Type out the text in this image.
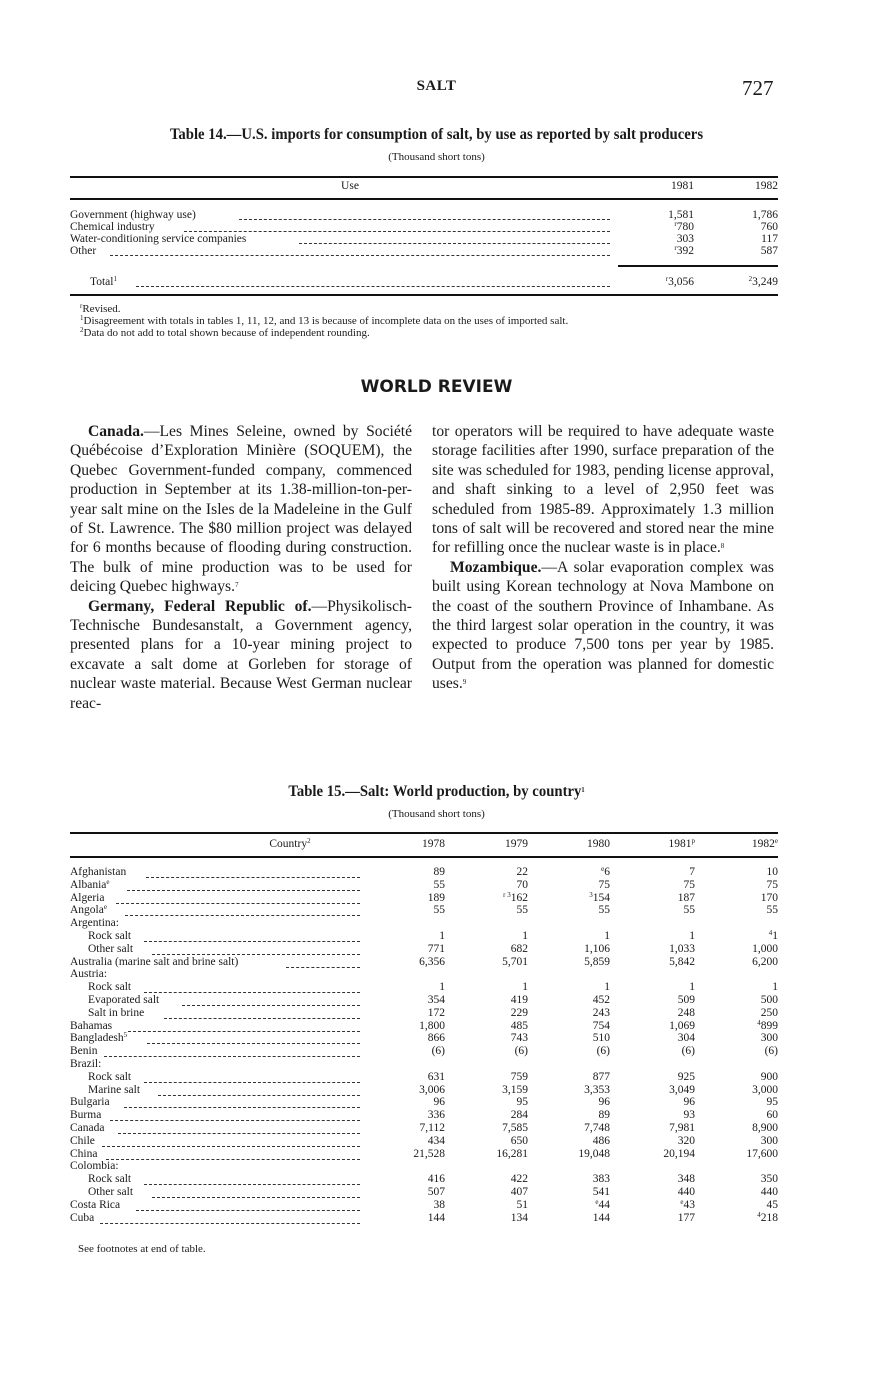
SALT	727
Table 14.—U.S. imports for consumption of salt, by use as reported by salt producers
(Thousand short tons)
Use	1981	1982
Government (highway use)	1,581	1,786
Chemical industry	$^r$780	760
Water-conditioning service companies	303	117
Other	$^r$392	587
Total$^1$	$^r$3,056	$^2$3,249
$^r$Revised.
$^1$Disagreement with totals in tables 1, 11, 12, and 13 is because of incomplete data on the uses of imported salt.
$^2$Data do not add to total shown because of independent rounding.
WORLD REVIEW

Canada.—Les Mines Seleine, owned by Société Québécoise d’Exploration Minière (SOQUEM), the Quebec Government-funded company, commenced production in September at its 1.38-million-ton-per-year salt mine on the Isles de la Madeleine in the Gulf of St. Lawrence. The $80 million project was delayed for 6 months because of flooding during construction. The bulk of mine production was to be used for deicing Quebec highways.$^7$

Germany, Federal Republic of.—Physikolisch-Technische Bundesanstalt, a Government agency, presented plans for a 10-year mining project to excavate a salt dome at Gorleben for storage of nuclear waste material. Because West German nuclear reac-

tor operators will be required to have adequate waste storage facilities after 1990, surface preparation of the site was scheduled for 1983, pending license approval, and shaft sinking to a level of 2,950 feet was scheduled from 1985-89. Approximately 1.3 million tons of salt will be recovered and stored near the mine for refilling once the nuclear waste is in place.$^8$

Mozambique.—A solar evaporation complex was built using Korean technology at Nova Mambone on the coast of the southern Province of Inhambane. As the third largest solar operation in the country, it was expected to produce 7,500 tons per year by 1985. Output from the operation was planned for domestic uses.$^9$

Table 15.—Salt: World production, by country$^1$
(Thousand short tons)
Country$^2$	1978	1979	1980	1981$^p$	1982e
Afghanistan	89	22	$^e$6	7	10
Albania$^e$	55	70	75	75	75
Algeria	189	$^{r 3}$162	$^3$154	187	170
Angola$^e$	55	55	55	55	55
Argentina:
Rock salt	1	1	1	1	$^4$1
Other salt	771	682	1,106	1,033	1,000
Australia (marine salt and brine salt)	6,356	5,701	5,859	5,842	6,200
Austria:
Rock salt	1	1	1	1	1
Evaporated salt	354	419	452	509	500
Salt in brine	172	229	243	248	250
Bahamas	1,800	485	754	1,069	$^4$899
Bangladesh$^5$	866	743	510	304	300
Benin	(6)	(6)	(6)	(6)	(6)
Brazil:
Rock salt	631	759	877	925	900
Marine salt	3,006	3,159	3,353	3,049	3,000
Bulgaria	96	95	96	96	95
Burma	336	284	89	93	60
Canada	7,112	7,585	7,748	7,981	8,900
Chile	434	650	486	320	300
China	21,528	16,281	19,048	20,194	17,600
Colombia:
Rock salt	416	422	383	348	350
Other salt	507	407	541	440	440
Costa Rica	38	51	$^e$44	$^e$43	45
Cuba	144	134	144	177	$^4$218
See footnotes at end of table.
